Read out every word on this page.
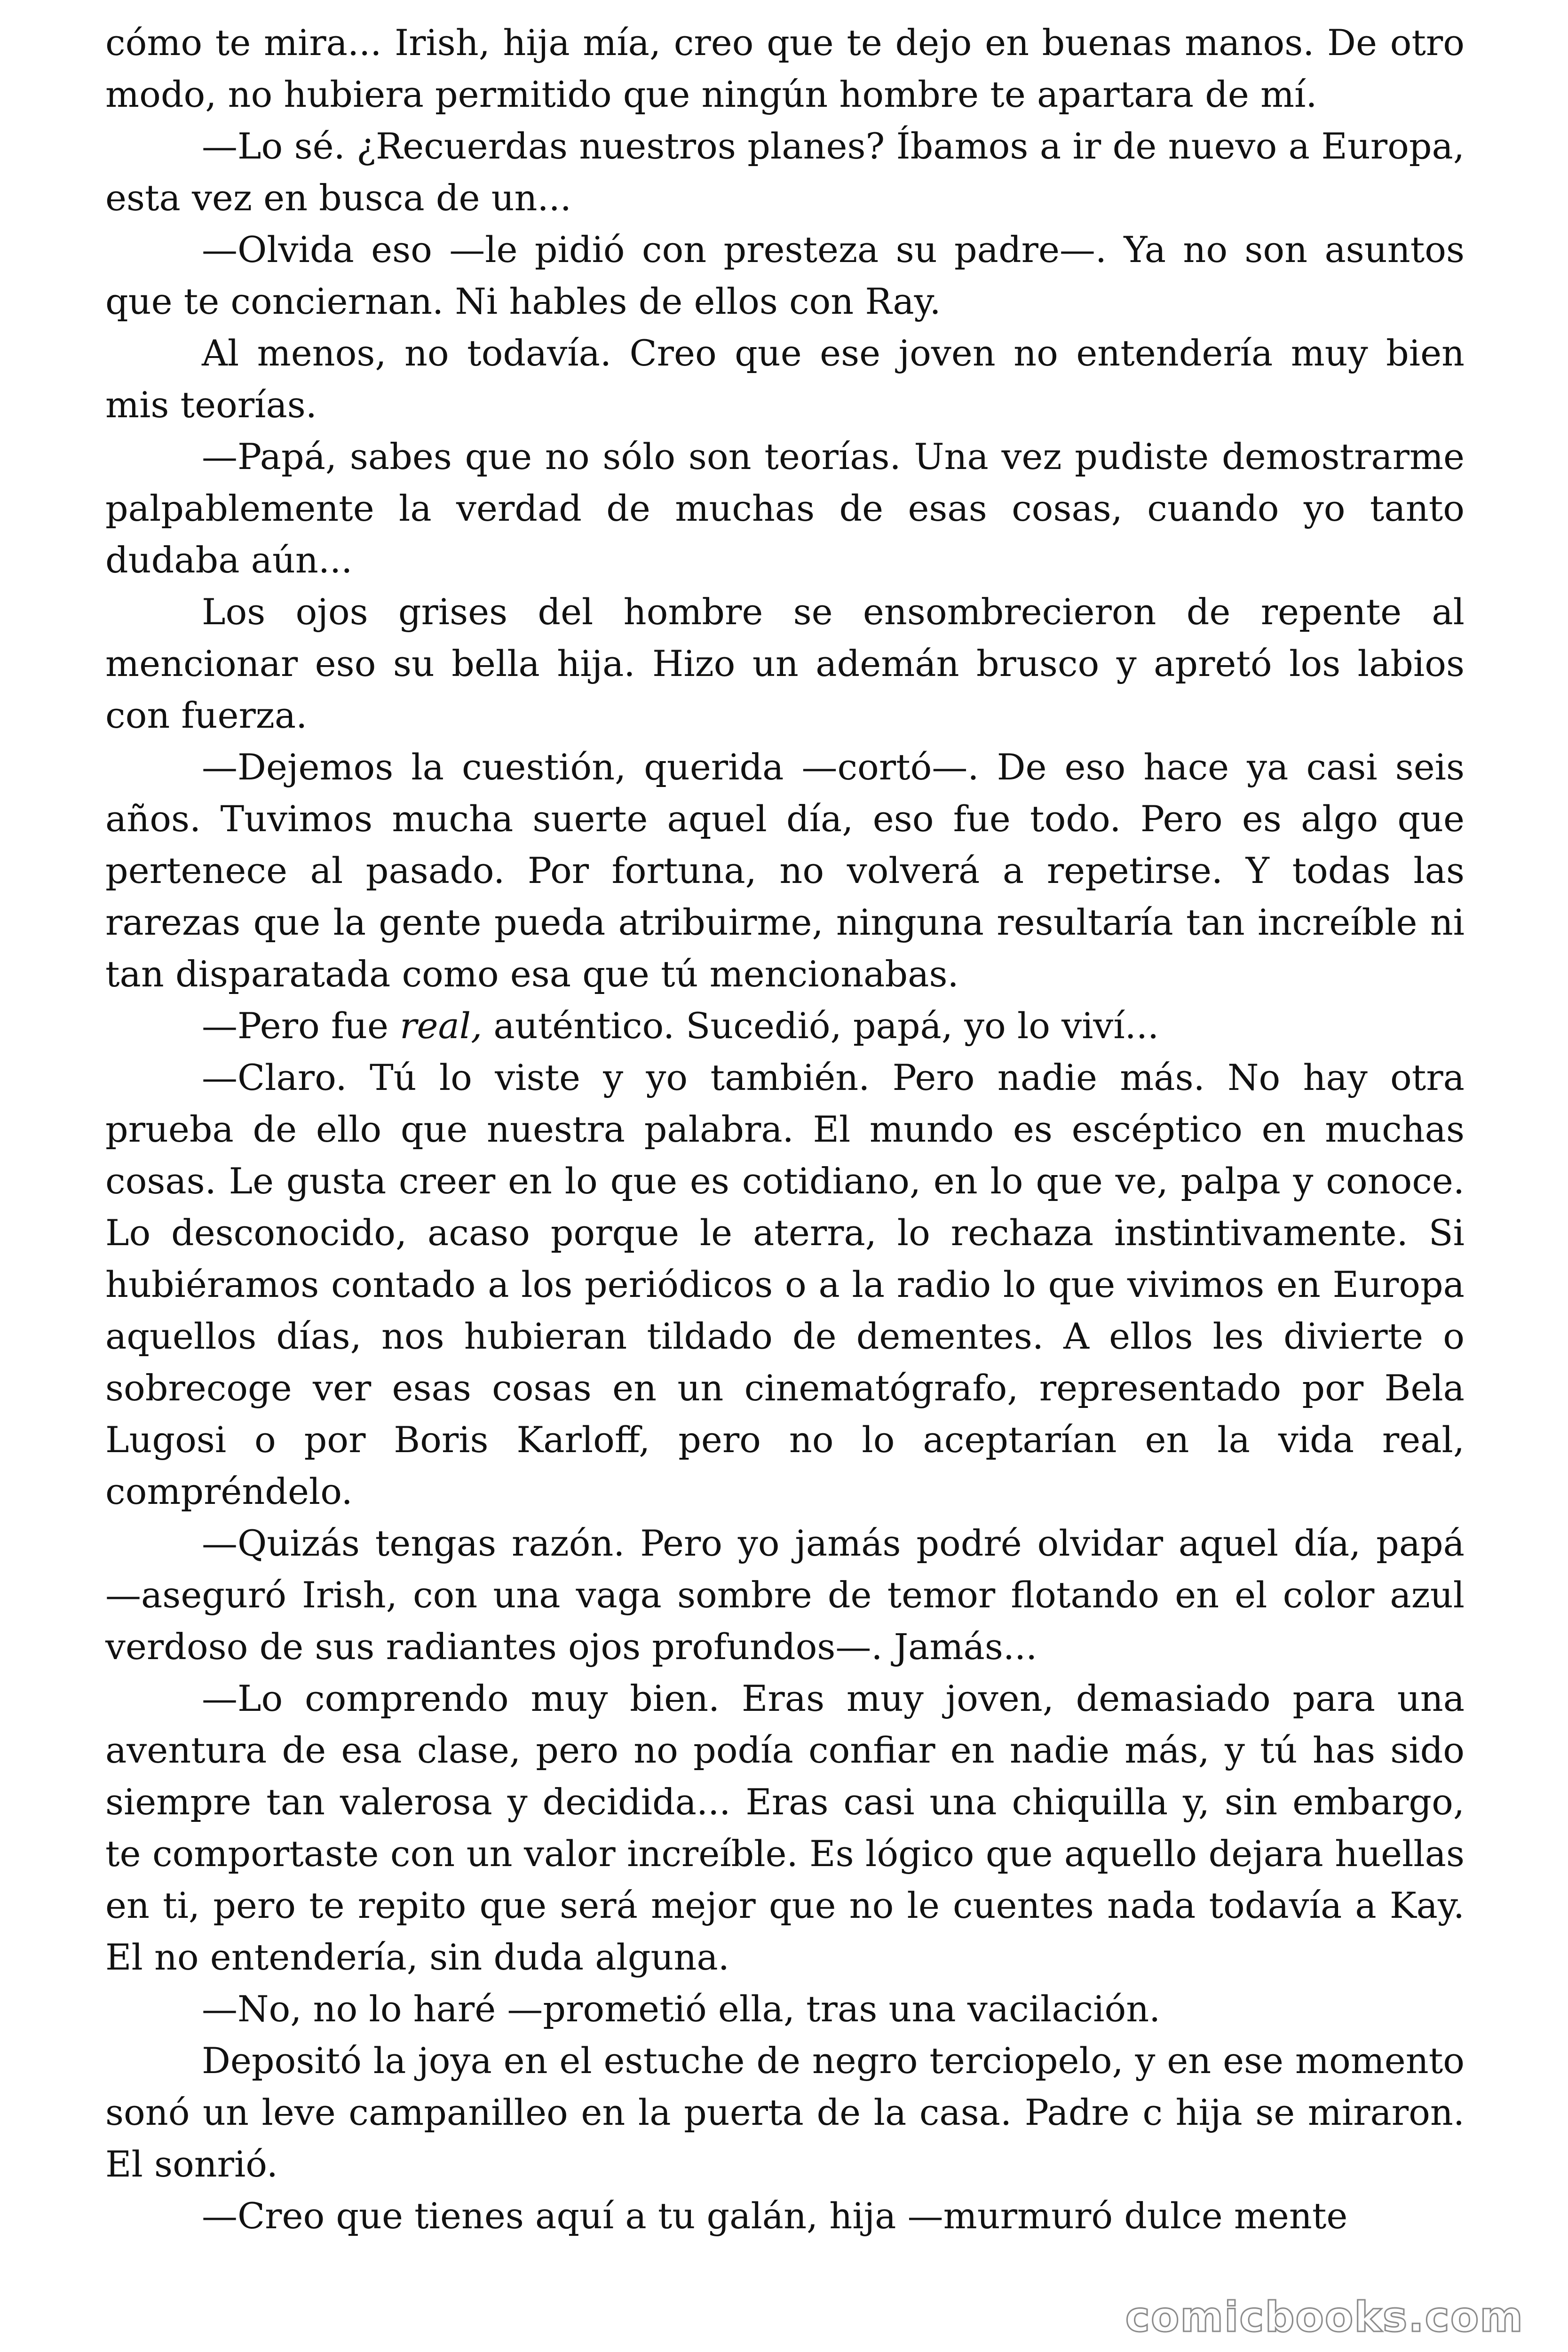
cómo te mira... Irish, hija mía, creo que te dejo en buenas manos. De otro modo, no hubiera permitido que ningún hombre te apartara de mí.

—Lo sé. ¿Recuerdas nuestros planes? Íbamos a ir de nuevo a Europa, esta vez en busca de un...

—Olvida eso —le pidió con presteza su padre—. Ya no son asuntos que te conciernan. Ni hables de ellos con Ray.

Al menos, no todavía. Creo que ese joven no entendería muy bien mis teorías.

—Papá, sabes que no sólo son teorías. Una vez pudiste demostrarme palpablemente la verdad de muchas de esas cosas, cuando yo tanto dudaba aún...

Los ojos grises del hombre se ensombrecieron de repente al mencionar eso su bella hija. Hizo un ademán brusco y apretó los labios con fuerza.

—Dejemos la cuestión, querida —cortó—. De eso hace ya casi seis años. Tuvimos mucha suerte aquel día, eso fue todo. Pero es algo que pertenece al pasado. Por fortuna, no volverá a repetirse. Y todas las rarezas que la gente pueda atribuirme, ninguna resultaría tan increíble ni tan disparatada como esa que tú mencionabas.

—Pero fue real, auténtico. Sucedió, papá, yo lo viví...

—Claro. Tú lo viste y yo también. Pero nadie más. No hay otra prueba de ello que nuestra palabra. El mundo es escéptico en muchas cosas. Le gusta creer en lo que es cotidiano, en lo que ve, palpa y conoce. Lo desconocido, acaso porque le aterra, lo rechaza instintivamente. Si hubiéramos contado a los periódicos o a la radio lo que vivimos en Europa aquellos días, nos hubieran tildado de dementes. A ellos les divierte o sobrecoge ver esas cosas en un cinematógrafo, representado por Bela Lugosi o por Boris Karloff, pero no lo aceptarían en la vida real, compréndelo.

—Quizás tengas razón. Pero yo jamás podré olvidar aquel día, papá —aseguró Irish, con una vaga sombre de temor flotando en el color azul verdoso de sus radiantes ojos profundos—. Jamás...

—Lo comprendo muy bien. Eras muy joven, demasiado para una aventura de esa clase, pero no podía confiar en nadie más, y tú has sido siempre tan valerosa y decidida... Eras casi una chiquilla y, sin embargo, te comportaste con un valor increíble. Es lógico que aquello dejara huellas en ti, pero te repito que será mejor que no le cuentes nada todavía a Kay. El no entendería, sin duda alguna.

—No, no lo haré —prometió ella, tras una vacilación.

Depositó la joya en el estuche de negro terciopelo, y en ese momento sonó un leve campanilleo en la puerta de la casa. Padre c hija se miraron. El sonrió.

—Creo que tienes aquí a tu galán, hija —murmuró dulce mente

comicbooks.com
